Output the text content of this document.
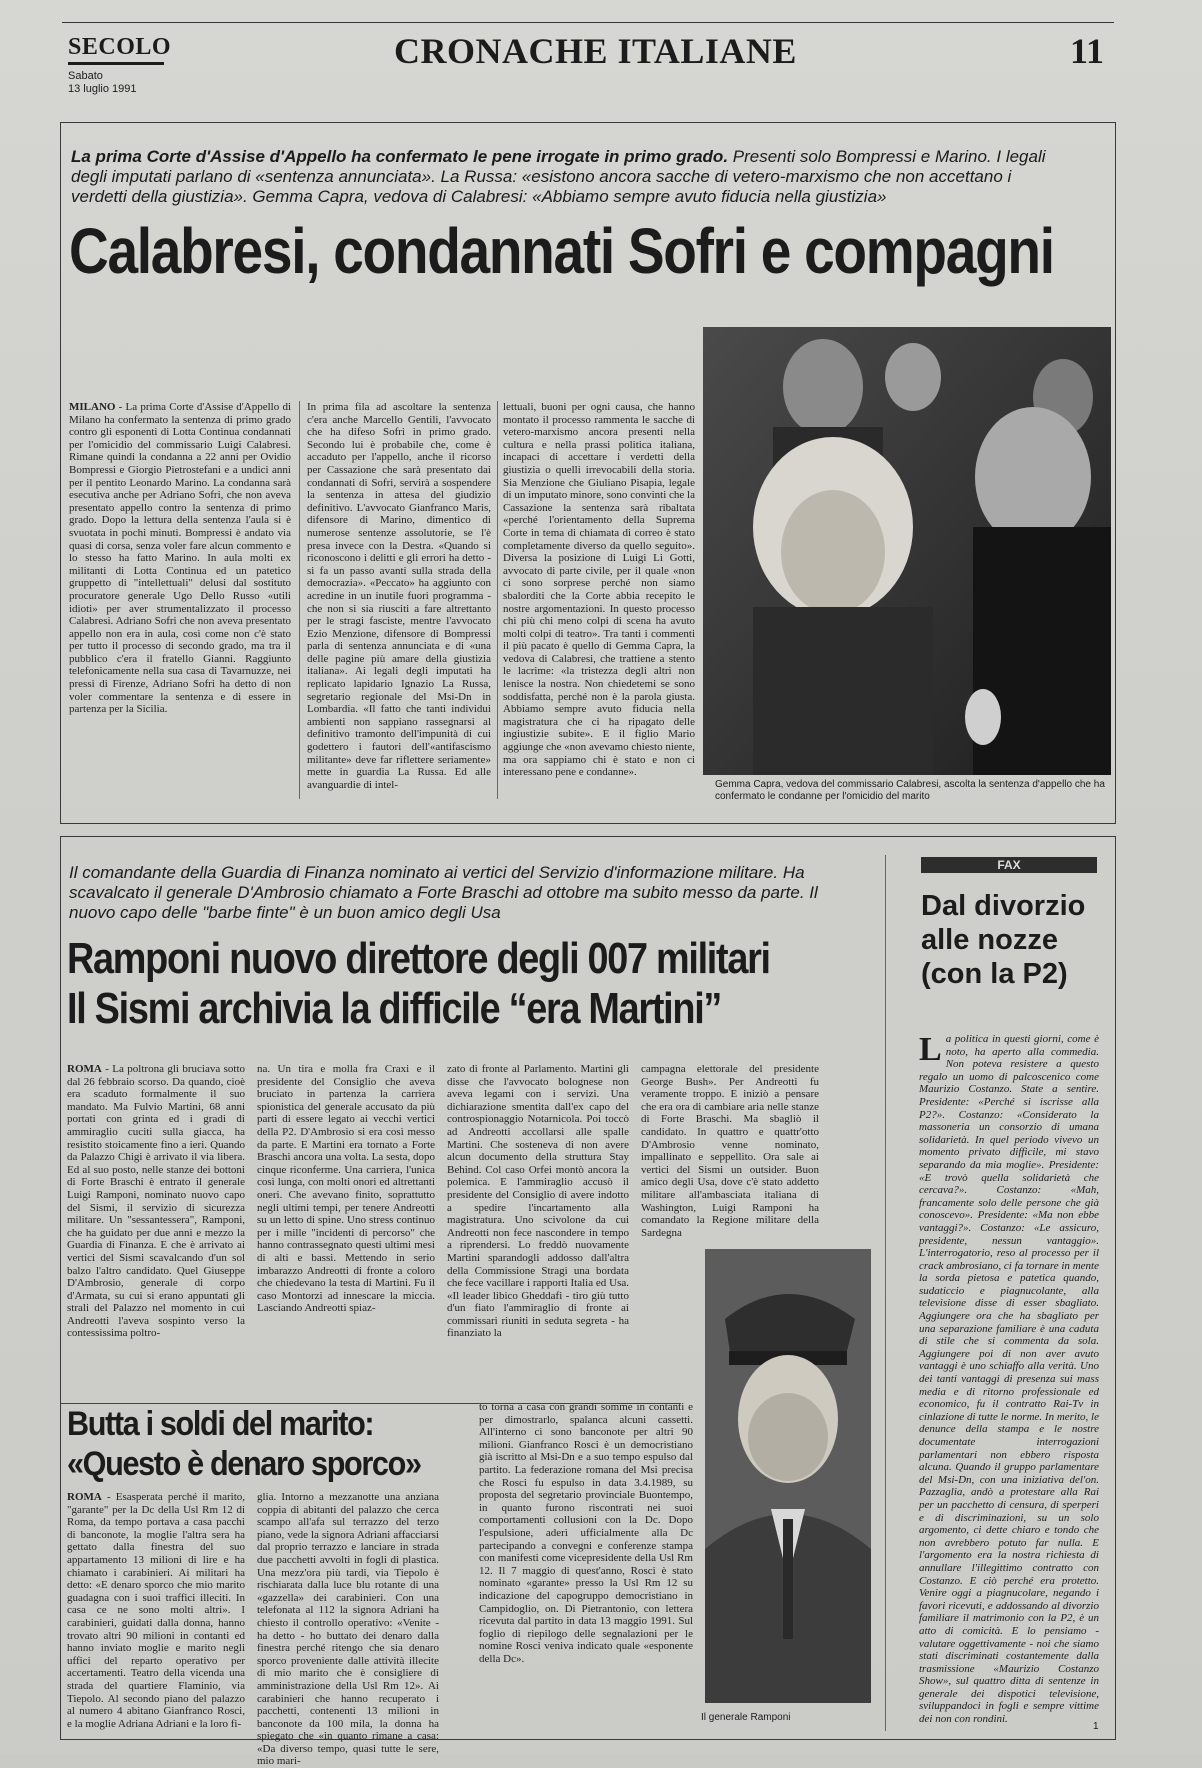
SECOLO
Sabato
13 luglio 1991
CRONACHE ITALIANE	11
La prima Corte d'Assise d'Appello ha confermato le pene irrogate in primo grado. Presenti solo Bompressi e Marino. I legali degli imputati parlano di «sentenza annunciata». La Russa: «esistono ancora sacche di vetero-marxismo che non accettano i verdetti della giustizia». Gemma Capra, vedova di Calabresi: «Abbiamo sempre avuto fiducia nella giustizia»
Calabresi, condannati Sofri e compagni
MILANO - La prima Corte d'Assise d'Appello di Milano ha confermato la sentenza di primo grado contro gli esponenti di Lotta Continua condannati per l'omicidio del commissario Luigi Calabresi. Rimane quindi la condanna a 22 anni per Ovidio Bompressi e Giorgio Pietrostefani e a undici anni per il pentito Leonardo Marino. La condanna sarà esecutiva anche per Adriano Sofri, che non aveva presentato appello contro la sentenza di primo grado. Dopo la lettura della sentenza l'aula si è svuotata in pochi minuti. Bompressi è andato via quasi di corsa, senza voler fare alcun commento e lo stesso ha fatto Marino. In aula molti ex militanti di Lotta Continua ed un patetico gruppetto di "intellettuali" delusi dal sostituto procuratore generale Ugo Dello Russo «utili idioti» per aver strumentalizzato il processo Calabresi. Adriano Sofri che non aveva presentato appello non era in aula, così come non c'è stato per tutto il processo di secondo grado, ma tra il pubblico c'era il fratello Gianni. Raggiunto telefonicamente nella sua casa di Tavarnuzze, nei pressi di Firenze, Adriano Sofri ha detto di non voler commentare la sentenza e di essere in partenza per la Sicilia.
In prima fila ad ascoltare la sentenza c'era anche Marcello Gentili, l'avvocato che ha difeso Sofri in primo grado. Secondo lui è probabile che, come è accaduto per l'appello, anche il ricorso per Cassazione che sarà presentato dai condannati di Sofri, servirà a sospendere la sentenza in attesa del giudizio definitivo. L'avvocato Gianfranco Maris, difensore di Marino, dimentico di numerose sentenze assolutorie, se l'è presa invece con la Destra. «Quando si riconoscono i delitti e gli errori ha detto - si fa un passo avanti sulla strada della democrazia». «Peccato» ha aggiunto con acredine in un inutile fuori programma - che non si sia riusciti a fare altrettanto per le stragi fasciste, mentre l'avvocato Ezio Menzione, difensore di Bompressi parla di sentenza annunciata e di «una delle pagine più amare della giustizia italiana». Ai legali degli imputati ha replicato lapidario Ignazio La Russa, segretario regionale del Msi-Dn in Lombardia. «Il fatto che tanti individui ambienti non sappiano rassegnarsi al definitivo tramonto dell'impunità di cui godettero i fautori dell'«antifascismo militante» deve far riflettere seriamente» mette in guardia La Russa. Ed alle avanguardie di intel-
lettuali, buoni per ogni causa, che hanno montato il processo rammenta le sacche di vetero-marxismo ancora presenti nella cultura e nella prassi politica italiana, incapaci di accettare i verdetti della giustizia o quelli irrevocabili della storia. Sia Menzione che Giuliano Pisapia, legale di un imputato minore, sono convinti che la Cassazione la sentenza sarà ribaltata «perché l'orientamento della Suprema Corte in tema di chiamata di correo è stato completamente diverso da quello seguito». Diversa la posizione di Luigi Li Gotti, avvocato di parte civile, per il quale «non ci sono sorprese perché non siamo sbalorditi che la Corte abbia recepito le nostre argomentazioni. In questo processo chi più chi meno colpi di scena ha avuto molti colpi di teatro». Tra tanti i commenti il più pacato è quello di Gemma Capra, la vedova di Calabresi, che trattiene a stento le lacrime: «la tristezza degli altri non lenisce la nostra. Non chiedetemi se sono soddisfatta, perché non è la parola giusta. Abbiamo sempre avuto fiducia nella magistratura che ci ha ripagato delle ingiustizie subite». E il figlio Mario aggiunge che «non avevamo chiesto niente, ma ora sappiamo chi è stato e non ci interessano pene e condanne».
Gemma Capra, vedova del commissario Calabresi, ascolta la sentenza d'appello che ha confermato le condanne per l'omicidio del marito
Il comandante della Guardia di Finanza nominato ai vertici del Servizio d'informazione militare. Ha scavalcato il generale D'Ambrosio chiamato a Forte Braschi ad ottobre ma subito messo da parte. Il nuovo capo delle "barbe finte" è un buon amico degli Usa
Ramponi nuovo direttore degli 007 militari
Il Sismi archivia la difficile “era Martini”
ROMA - La poltrona gli bruciava sotto dal 26 febbraio scorso. Da quando, cioè era scaduto formalmente il suo mandato. Ma Fulvio Martini, 68 anni portati con grinta ed i gradi di ammiraglio cuciti sulla giacca, ha resistito stoicamente fino a ieri. Quando da Palazzo Chigi è arrivato il via libera. Ed al suo posto, nelle stanze dei bottoni di Forte Braschi è entrato il generale Luigi Ramponi, nominato nuovo capo del Sismi, il servizio di sicurezza militare. Un "sessantessera", Ramponi, che ha guidato per due anni e mezzo la Guardia di Finanza. E che è arrivato ai vertici del Sismi scavalcando d'un sol balzo l'altro candidato. Quel Giuseppe D'Ambrosio, generale di corpo d'Armata, su cui si erano appuntati gli strali del Palazzo nel momento in cui Andreotti l'aveva sospinto verso la contessissima poltro-
na. Un tira e molla fra Craxi e il presidente del Consiglio che aveva bruciato in partenza la carriera spionistica del generale accusato da più parti di essere legato ai vecchi vertici della P2. D'Ambrosio si era così messo da parte. E Martini era tornato a Forte Braschi ancora una volta. La sesta, dopo cinque riconferme. Una carriera, l'unica così lunga, con molti onori ed altrettanti oneri. Che avevano finito, soprattutto negli ultimi tempi, per tenere Andreotti su un letto di spine. Uno stress continuo per i mille "incidenti di percorso" che hanno contrassegnato questi ultimi mesi di alti e bassi. Mettendo in serio imbarazzo Andreotti di fronte a coloro che chiedevano la testa di Martini. Fu il caso Montorzi ad innescare la miccia. Lasciando Andreotti spiaz-
zato di fronte al Parlamento. Martini gli disse che l'avvocato bolognese non aveva legami con i servizi. Una dichiarazione smentita dall'ex capo del controspionaggio Notarnicola. Poi toccò ad Andreotti accollarsi alle spalle Martini. Che sosteneva di non avere alcun documento della struttura Stay Behind. Col caso Orfei montò ancora la polemica. E l'ammiraglio accusò il presidente del Consiglio di avere indotto a spedire l'incartamento alla magistratura. Uno scivolone da cui Andreotti non fece nascondere in tempo a riprendersi. Lo freddò nuovamente Martini sparandogli addosso dall'altra della Commissione Stragi una bordata che fece vacillare i rapporti Italia ed Usa. «Il leader libico Gheddafi - tiro giù tutto d'un fiato l'ammiraglio di fronte ai commissari riuniti in seduta segreta - ha finanziato la
campagna elettorale del presidente George Bush». Per Andreotti fu veramente troppo. E iniziò a pensare che era ora di cambiare aria nelle stanze di Forte Braschi. Ma sbagliò il candidato. In quattro e quattr'otto D'Ambrosio venne nominato, impallinato e seppellito. Ora sale ai vertici del Sismi un outsider. Buon amico degli Usa, dove c'è stato addetto militare all'ambasciata italiana di Washington, Luigi Ramponi ha comandato la Regione militare della Sardegna
Il generale Ramponi
Butta i soldi del marito:
«Questo è denaro sporco»
ROMA - Esasperata perché il marito, "garante" per la Dc della Usl Rm 12 di Roma, da tempo portava a casa pacchi di banconote, la moglie l'altra sera ha gettato dalla finestra del suo appartamento 13 milioni di lire e ha chiamato i carabinieri. Ai militari ha detto: «E denaro sporco che mio marito guadagna con i suoi traffici illeciti. In casa ce ne sono molti altri». I carabinieri, guidati dalla donna, hanno trovato altri 90 milioni in contanti ed hanno inviato moglie e marito negli uffici del reparto operativo per accertamenti. Teatro della vicenda una strada del quartiere Flaminio, via Tiepolo. Al secondo piano del palazzo al numero 4 abitano Gianfranco Rosci, e la moglie Adriana Adriani e la loro fi-
glia. Intorno a mezzanotte una anziana coppia di abitanti del palazzo che cerca scampo all'afa sul terrazzo del terzo piano, vede la signora Adriani affacciarsi dal proprio terrazzo e lanciare in strada due pacchetti avvolti in fogli di plastica. Una mezz'ora più tardi, via Tiepolo è rischiarata dalla luce blu rotante di una «gazzella» dei carabinieri. Con una telefonata al 112 la signora Adriani ha chiesto il controllo operativo: «Venite - ha detto - ho buttato dei denaro dalla finestra perché ritengo che sia denaro sporco proveniente dalle attività illecite di mio marito che è consigliere di amministrazione della Usl Rm 12». Ai carabinieri che hanno recuperato i pacchetti, contenenti 13 milioni in banconote da 100 mila, la donna ha spiegato che «in quanto rimane a casa: «Da diverso tempo, quasi tutte le sere, mio mari-
to torna a casa con grandi somme in contanti e per dimostrarlo, spalanca alcuni cassetti. All'interno ci sono banconote per altri 90 milioni. Gianfranco Rosci è un democristiano già iscritto al Msi-Dn e a suo tempo espulso dal partito. La federazione romana del Msi precisa che Rosci fu espulso in data 3.4.1989, su proposta del segretario provinciale Buontempo, in quanto furono riscontrati nei suoi comportamenti collusioni con la Dc. Dopo l'espulsione, aderì ufficialmente alla Dc partecipando a convegni e conferenze stampa con manifesti come vicepresidente della Usl Rm 12. Il 7 maggio di quest'anno, Rosci è stato nominato «garante» presso la Usl Rm 12 su indicazione del capogruppo democristiano in Campidoglio, on. Di Pietrantonio, con lettera ricevuta dal partito in data 13 maggio 1991. Sul foglio di riepilogo delle segnalazioni per le nomine Rosci veniva indicato quale «esponente della Dc».
FAX
Dal divorzio alle nozze (con la P2)
La politica in questi giorni, come è noto, ha aperto alla commedia. Non poteva resistere a questo regalo un uomo di palcoscenico come Maurizio Costanzo. State a sentire. Presidente: «Perché si iscrisse alla P2?». Costanzo: «Considerato la massoneria un consorzio di umana solidarietà. In quel periodo vivevo un momento privato difficile, mi stavo separando da mia moglie». Presidente: «E trovò quella solidarietà che cercava?». Costanzo: «Mah, francamente solo delle persone che già conoscevo». Presidente: «Ma non ebbe vantaggi?». Costanzo: «Le assicuro, presidente, nessun vantaggio». L'interrogatorio, reso al processo per il crack ambrosiano, ci fa tornare in mente la sorda pietosa e patetica quando, sudaticcio e piagnucolante, alla televisione disse di esser sbagliato. Aggiungere ora che ha sbagliato per una separazione familiare è una caduta di stile che si commenta da sola. Aggiungere poi di non aver avuto vantaggi è uno schiaffo alla verità. Uno dei tanti vantaggi di presenza sui mass media e di ritorno professionale ed economico, fu il contratto Rai-Tv in cinlazione di tutte le norme. In merito, le denunce della stampa e le nostre documentate interrogazioni parlamentari non ebbero risposta alcuna. Quando il gruppo parlamentare del Msi-Dn, con una iniziativa del'on. Pazzaglia, andò a protestare alla Rai per un pacchetto di censura, di sperperi e di discriminazioni, su un solo argomento, ci dette chiaro e tondo che non avrebbero potuto far nulla. E l'argomento era la nostra richiesta di annullare l'illegittimo contratto con Costanzo. E ciò perché era protetto. Venire oggi a piagnucolare, negando i favori ricevuti, e addossando al divorzio familiare il matrimonio con la P2, è un atto di comicità. E lo pensiamo - valutare oggettivamente - noi che siamo stati discriminati costantemente dalla trasmissione «Maurizio Costanzo Show», sul quattro ditta di sentenze in generale dei dispotici televisione, sviluppandoci in fogli e sempre vittime dei non con rondini.
1
